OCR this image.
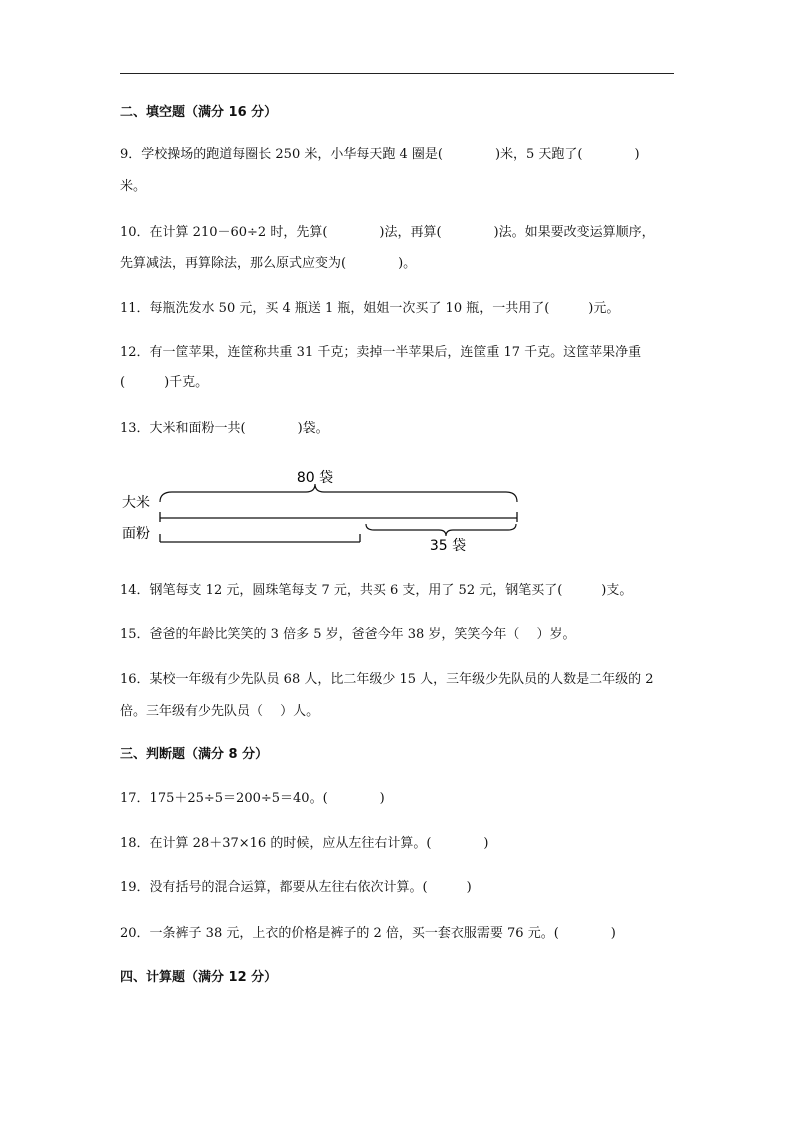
二、填空题（满分 16 分）
9．学校操场的跑道每圈长 250 米，小华每天跑 4 圈是(　　　　)米，5 天跑了(　　　　)
米。
10．在计算 210－60÷2 时，先算(　　　　)法，再算(　　　　)法。如果要改变运算顺序，
先算减法，再算除法，那么原式应变为(　　　　)。
11．每瓶洗发水 50 元，买 4 瓶送 1 瓶，姐姐一次买了 10 瓶，一共用了(　　　)元。
12．有一筐苹果，连筐称共重 31 千克；卖掉一半苹果后，连筐重 17 千克。这筐苹果净重
(　　　)千克。
13．大米和面粉一共(　　　　)袋。
80 袋
大米
面粉
35 袋
14．钢笔每支 12 元，圆珠笔每支 7 元，共买 6 支，用了 52 元，钢笔买了(　　　)支。
15．爸爸的年龄比笑笑的 3 倍多 5 岁，爸爸今年 38 岁，笑笑今年（　 ）岁。
16．某校一年级有少先队员 68 人，比二年级少 15 人，三年级少先队员的人数是二年级的 2
倍。三年级有少先队员（　 ）人。
三、判断题（满分 8 分）
17．175＋25÷5＝200÷5＝40。(　　　　)
18．在计算 28＋37×16 的时候，应从左往右计算。(　　　　)
19．没有括号的混合运算，都要从左往右依次计算。(　　　)
20．一条裤子 38 元，上衣的价格是裤子的 2 倍，买一套衣服需要 76 元。(　　　　)
四、计算题（满分 12 分）
